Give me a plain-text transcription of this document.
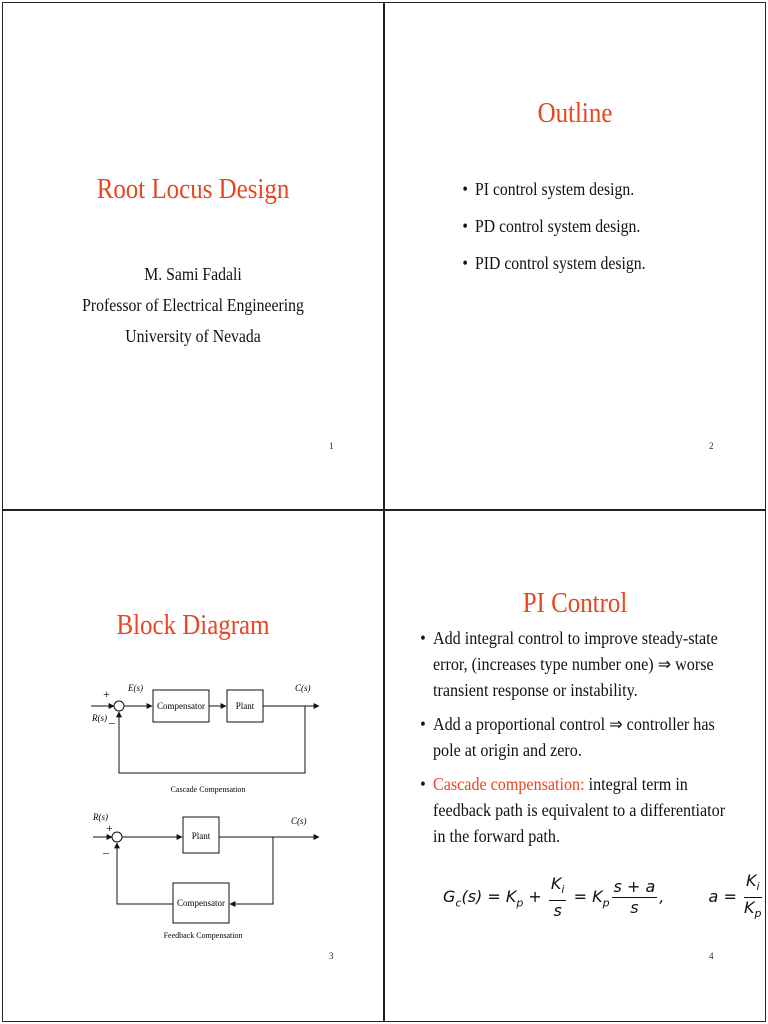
Root Locus Design
M. Sami Fadali
Professor of Electrical Engineering
University of Nevada
1
Outline
• PI control system design.
• PD control system design.
• PID control system design.
2
Block Diagram
Compensator	Plant
+
–
R(s)
E(s)	C(s)
Cascade Compensation
Plant
Compensator
+
–
R(s)	C(s)
Feedback Compensation
3
PI Control
• Add integral control to improve steady-state error, (increases type number one) ⇒ worse transient response or instability.
• Add a proportional control ⇒ controller has pole at origin and zero.
• Cascade compensation: integral term in feedback path is equivalent to a differentiator in the forward path.
$G_c(s) = K_p + \frac{K_i}{s} = K_p \frac{s + a}{s}$ ,	$a = \frac{K_i}{K_p}$
4
